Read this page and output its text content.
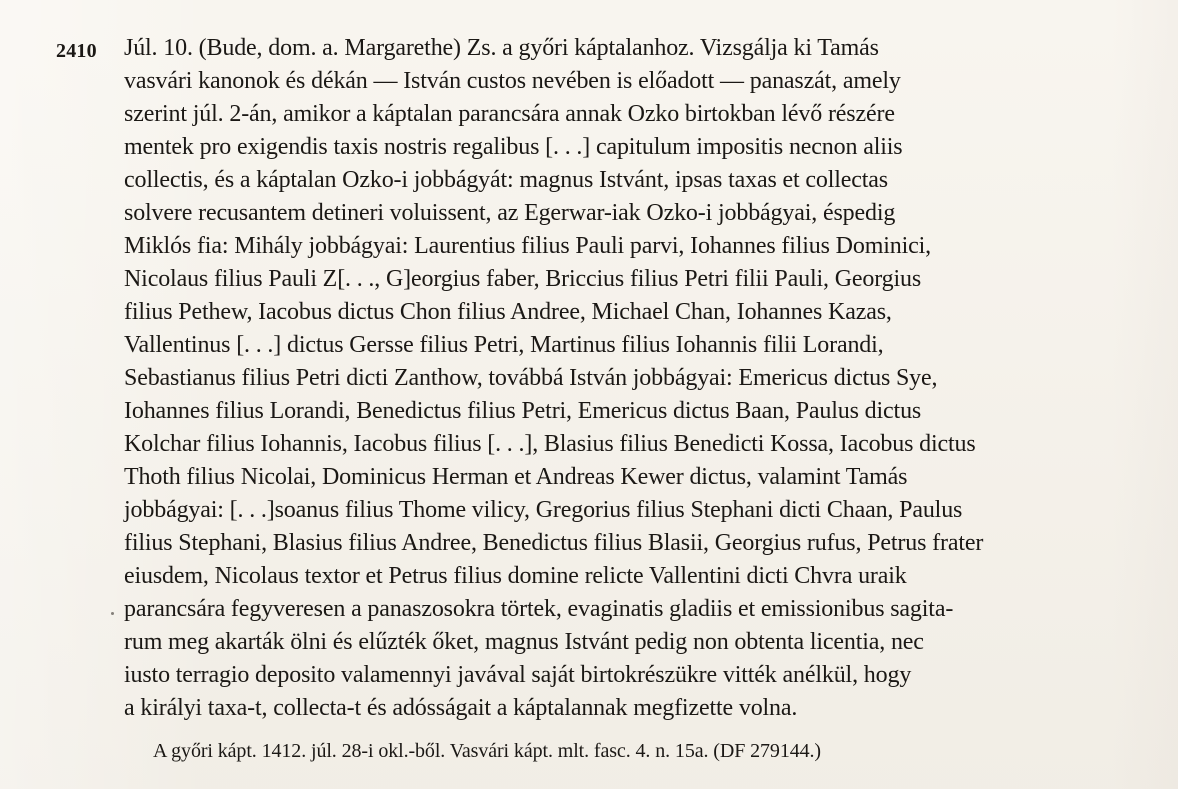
2410 Júl. 10. (Bude, dom. a. Margarethe) Zs. a győri káptalanhoz. Vizsgálja ki Tamás
vasvári kanonok és dékán — István custos nevében is előadott — panaszát, amely
szerint júl. 2-án, amikor a káptalan parancsára annak Ozko birtokban lévő részére
mentek pro exigendis taxis nostris regalibus [. . .] capitulum impositis necnon aliis
collectis, és a káptalan Ozko-i jobbágyát: magnus Istvánt, ipsas taxas et collectas
solvere recusantem detineri voluissent, az Egerwar-iak Ozko-i jobbágyai, éspedig
Miklós fia: Mihály jobbágyai: Laurentius filius Pauli parvi, Iohannes filius Dominici,
Nicolaus filius Pauli Z[. . ., G]eorgius faber, Briccius filius Petri filii Pauli, Georgius
filius Pethew, Iacobus dictus Chon filius Andree, Michael Chan, Iohannes Kazas,
Vallentinus [. . .] dictus Gersse filius Petri, Martinus filius Iohannis filii Lorandi,
Sebastianus filius Petri dicti Zanthow, továbbá István jobbágyai: Emericus dictus Sye,
Iohannes filius Lorandi, Benedictus filius Petri, Emericus dictus Baan, Paulus dictus
Kolchar filius Iohannis, Iacobus filius [. . .], Blasius filius Benedicti Kossa, Iacobus dictus
Thoth filius Nicolai, Dominicus Herman et Andreas Kewer dictus, valamint Tamás
jobbágyai: [. . .]soanus filius Thome vilicy, Gregorius filius Stephani dicti Chaan, Paulus
filius Stephani, Blasius filius Andree, Benedictus filius Blasii, Georgius rufus, Petrus frater
eiusdem, Nicolaus textor et Petrus filius domine relicte Vallentini dicti Chvra uraik
parancsára fegyveresen a panaszosokra törtek, evaginatis gladiis et emissionibus sagita-
rum meg akarták ölni és elűzték őket, magnus Istvánt pedig non obtenta licentia, nec
iusto terragio deposito valamennyi javával saját birtokrészükre vitték anélkül, hogy
a királyi taxa-t, collecta-t és adósságait a káptalannak megfizette volna.
A győri kápt. 1412. júl. 28-i okl.-ből. Vasvári kápt. mlt. fasc. 4. n. 15a. (DF 279144.)
